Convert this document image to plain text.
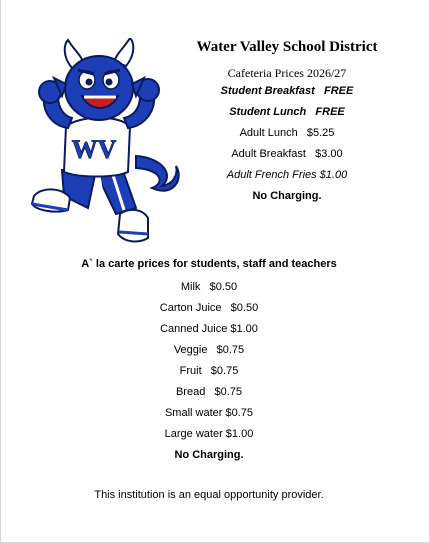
WV
Water Valley School District
Cafeteria Prices 2026/27
Student Breakfast   FREE
Student Lunch   FREE
Adult Lunch   $5.25
Adult Breakfast   $3.00
Adult French Fries $1.00
No Charging.
A` la carte prices for students, staff and teachers
Milk   $0.50
Carton Juice   $0.50
Canned Juice $1.00
Veggie   $0.75
Fruit   $0.75
Bread   $0.75
Small water $0.75
Large water $1.00
No Charging.
This institution is an equal opportunity provider.
